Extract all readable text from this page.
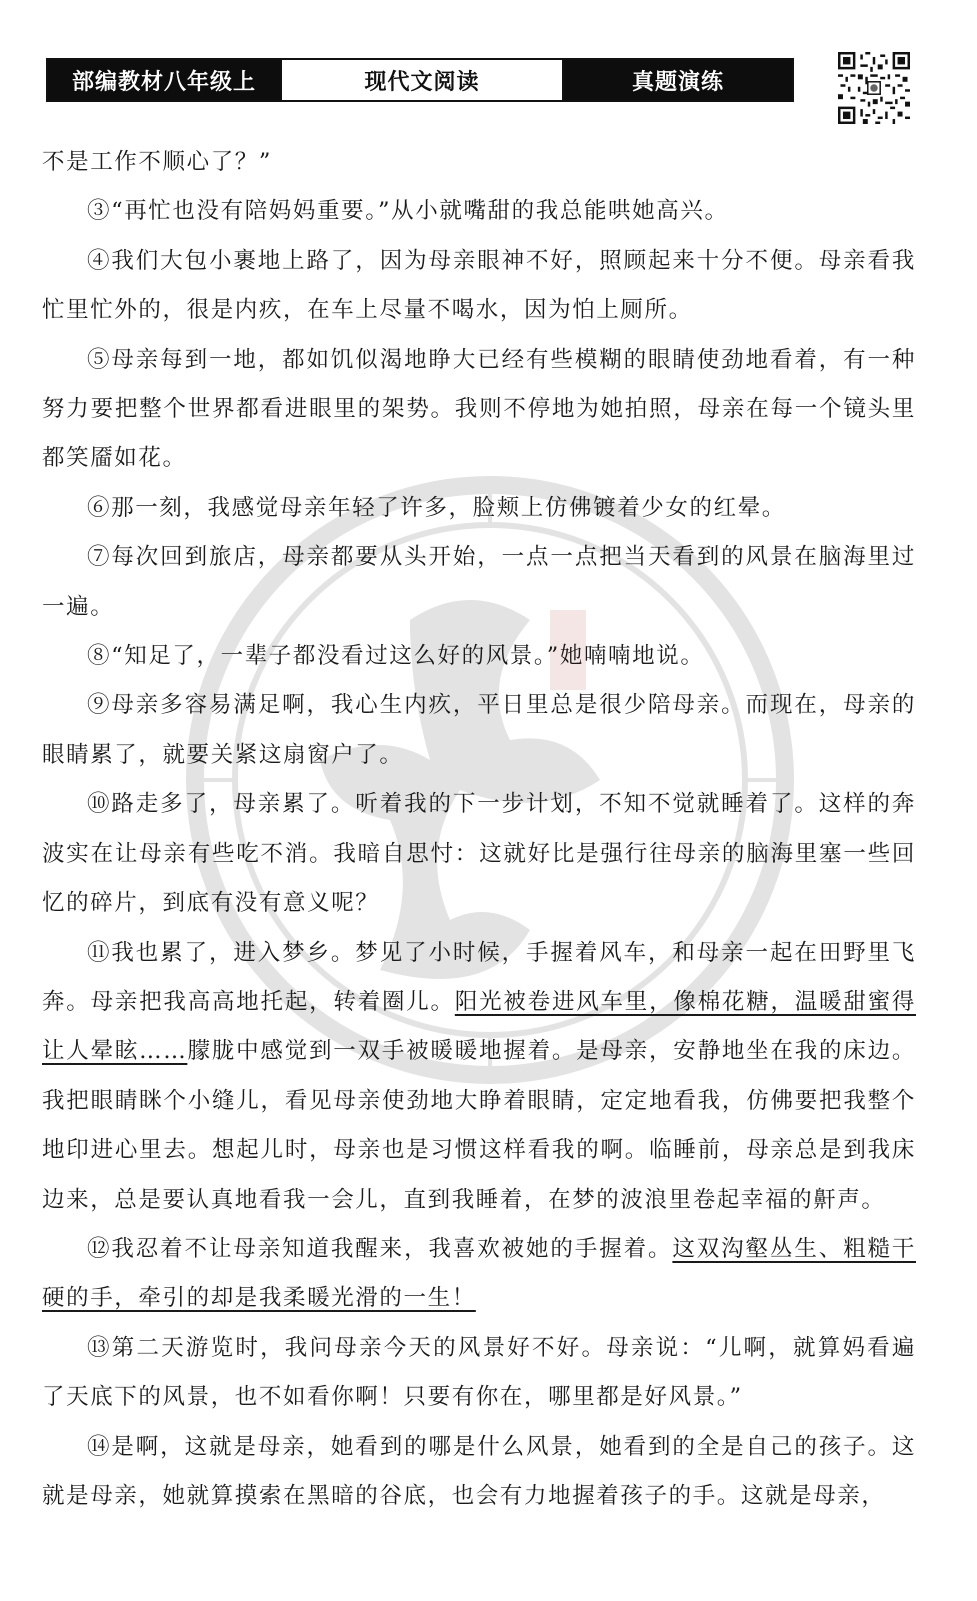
部编教材八年级上	现代文阅读	真题演练

不是工作不顺心了？”

③“再忙也没有陪妈妈重要。”从小就嘴甜的我总能哄她高兴。

④我们大包小裹地上路了，因为母亲眼神不好，照顾起来十分不便。母亲看我忙里忙外的，很是内疚，在车上尽量不喝水，因为怕上厕所。

⑤母亲每到一地，都如饥似渴地睁大已经有些模糊的眼睛使劲地看着，有一种努力要把整个世界都看进眼里的架势。我则不停地为她拍照，母亲在每一个镜头里都笑靥如花。

⑥那一刻，我感觉母亲年轻了许多，脸颊上仿佛镀着少女的红晕。

⑦每次回到旅店，母亲都要从头开始，一点一点把当天看到的风景在脑海里过一遍。

⑧“知足了，一辈子都没看过这么好的风景。”她喃喃地说。

⑨母亲多容易满足啊，我心生内疚，平日里总是很少陪母亲。而现在，母亲的眼睛累了，就要关紧这扇窗户了。

⑩路走多了，母亲累了。听着我的下一步计划，不知不觉就睡着了。这样的奔波实在让母亲有些吃不消。我暗自思忖：这就好比是强行往母亲的脑海里塞一些回忆的碎片，到底有没有意义呢？

⑪我也累了，进入梦乡。梦见了小时候，手握着风车，和母亲一起在田野里飞奔。母亲把我高高地托起，转着圈儿。阳光被卷进风车里，像棉花糖，温暖甜蜜得让人晕眩……朦胧中感觉到一双手被暖暖地握着。是母亲，安静地坐在我的床边。我把眼睛眯个小缝儿，看见母亲使劲地大睁着眼睛，定定地看我，仿佛要把我整个地印进心里去。想起儿时，母亲也是习惯这样看我的啊。临睡前，母亲总是到我床边来，总是要认真地看我一会儿，直到我睡着，在梦的波浪里卷起幸福的鼾声。

⑫我忍着不让母亲知道我醒来，我喜欢被她的手握着。这双沟壑丛生、粗糙干硬的手，牵引的却是我柔暖光滑的一生！

⑬第二天游览时，我问母亲今天的风景好不好。母亲说：“儿啊，就算妈看遍了天底下的风景，也不如看你啊！只要有你在，哪里都是好风景。”

⑭是啊，这就是母亲，她看到的哪是什么风景，她看到的全是自己的孩子。这就是母亲，她就算摸索在黑暗的谷底，也会有力地握着孩子的手。这就是母亲，
